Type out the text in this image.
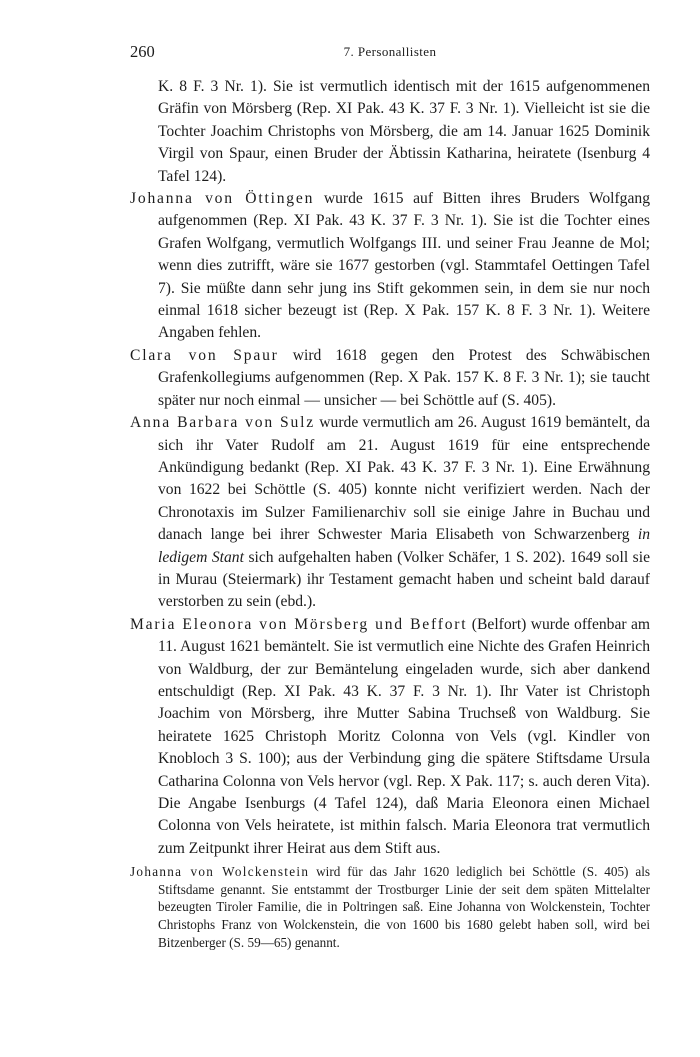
260	7. Personallisten

K. 8 F. 3 Nr. 1). Sie ist vermutlich identisch mit der 1615 aufgenommenen Gräfin von Mörsberg (Rep. XI Pak. 43 K. 37 F. 3 Nr. 1). Vielleicht ist sie die Tochter Joachim Christophs von Mörsberg, die am 14. Januar 1625 Dominik Virgil von Spaur, einen Bruder der Äbtissin Katharina, heiratete (Isenburg 4 Tafel 124).

Johanna von Öttingen wurde 1615 auf Bitten ihres Bruders Wolfgang aufgenommen (Rep. XI Pak. 43 K. 37 F. 3 Nr. 1). Sie ist die Tochter eines Grafen Wolfgang, vermutlich Wolfgangs III. und seiner Frau Jeanne de Mol; wenn dies zutrifft, wäre sie 1677 gestorben (vgl. Stammtafel Oettingen Tafel 7). Sie müßte dann sehr jung ins Stift gekommen sein, in dem sie nur noch einmal 1618 sicher bezeugt ist (Rep. X Pak. 157 K. 8 F. 3 Nr. 1). Weitere Angaben fehlen.

Clara von Spaur wird 1618 gegen den Protest des Schwäbischen Grafenkollegiums aufgenommen (Rep. X Pak. 157 K. 8 F. 3 Nr. 1); sie taucht später nur noch einmal — unsicher — bei Schöttle auf (S. 405).

Anna Barbara von Sulz wurde vermutlich am 26. August 1619 bemäntelt, da sich ihr Vater Rudolf am 21. August 1619 für eine entsprechende Ankündigung bedankt (Rep. XI Pak. 43 K. 37 F. 3 Nr. 1). Eine Erwähnung von 1622 bei Schöttle (S. 405) konnte nicht verifiziert werden. Nach der Chronotaxis im Sulzer Familienarchiv soll sie einige Jahre in Buchau und danach lange bei ihrer Schwester Maria Elisabeth von Schwarzenberg in ledigem Stant sich aufgehalten haben (Volker Schäfer, 1 S. 202). 1649 soll sie in Murau (Steiermark) ihr Testament gemacht haben und scheint bald darauf verstorben zu sein (ebd.).

Maria Eleonora von Mörsberg und Beffort (Belfort) wurde offenbar am 11. August 1621 bemäntelt. Sie ist vermutlich eine Nichte des Grafen Heinrich von Waldburg, der zur Bemäntelung eingeladen wurde, sich aber dankend entschuldigt (Rep. XI Pak. 43 K. 37 F. 3 Nr. 1). Ihr Vater ist Christoph Joachim von Mörsberg, ihre Mutter Sabina Truchseß von Waldburg. Sie heiratete 1625 Christoph Moritz Colonna von Vels (vgl. Kindler von Knobloch 3 S. 100); aus der Verbindung ging die spätere Stiftsdame Ursula Catharina Colonna von Vels hervor (vgl. Rep. X Pak. 117; s. auch deren Vita). Die Angabe Isenburgs (4 Tafel 124), daß Maria Eleonora einen Michael Colonna von Vels heiratete, ist mithin falsch. Maria Eleonora trat vermutlich zum Zeitpunkt ihrer Heirat aus dem Stift aus.

Johanna von Wolckenstein wird für das Jahr 1620 lediglich bei Schöttle (S. 405) als Stiftsdame genannt. Sie entstammt der Trostburger Linie der seit dem späten Mittelalter bezeugten Tiroler Familie, die in Poltringen saß. Eine Johanna von Wolckenstein, Tochter Christophs Franz von Wolckenstein, die von 1600 bis 1680 gelebt haben soll, wird bei Bitzenberger (S. 59—65) genannt.
